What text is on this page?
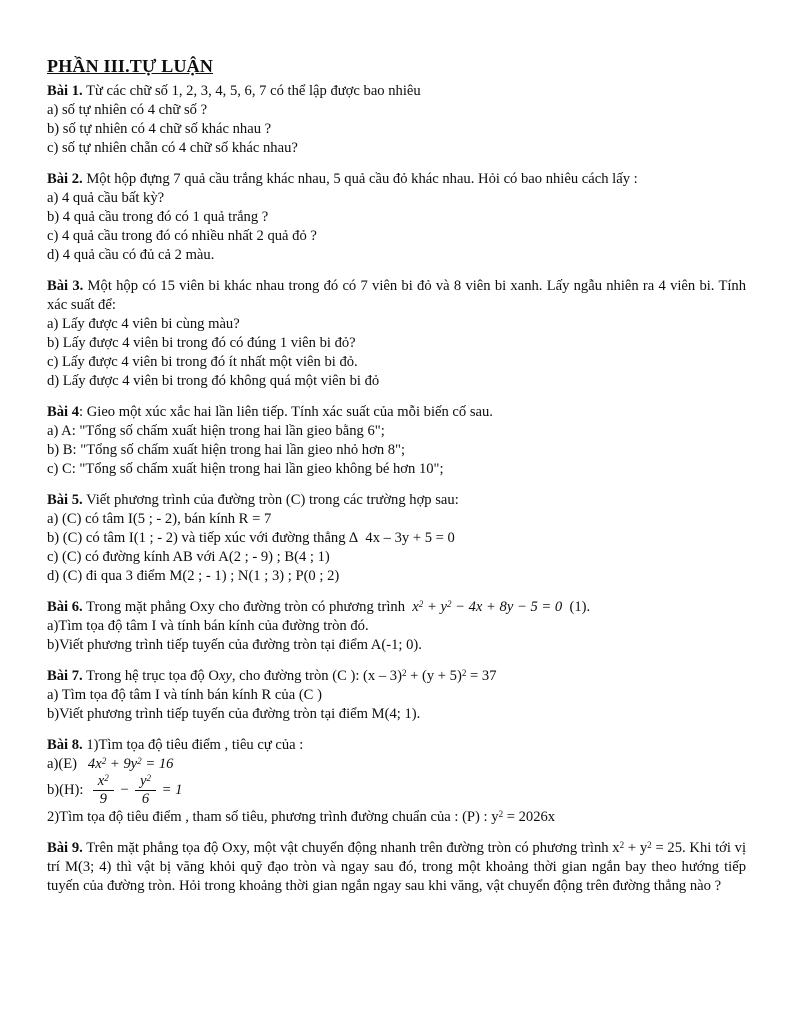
PHẦN III.TỰ LUẬN

Bài 1. Từ các chữ số 1, 2, 3, 4, 5, 6, 7 có thể lập được bao nhiêu

a) số tự nhiên có 4 chữ số ?

b) số tự nhiên có 4 chữ số khác nhau ?

c) số tự nhiên chẵn có 4 chữ số khác nhau?

Bài 2. Một hộp đựng 7 quả cầu trắng khác nhau, 5 quả cầu đỏ khác nhau. Hỏi có bao nhiêu cách lấy :

a) 4 quả cầu bất kỳ?

b) 4 quả cầu trong đó có 1 quả trắng ?

c) 4 quả cầu trong đó có nhiều nhất 2 quả đỏ ?

d) 4 quả cầu có đủ cả 2 màu.

Bài 3. Một hộp có 15 viên bi khác nhau trong đó có 7 viên bi đỏ và 8 viên bi xanh. Lấy ngẫu nhiên ra 4 viên bi. Tính xác suất để:

a) Lấy được 4 viên bi cùng màu?

b) Lấy được 4 viên bi trong đó có đúng 1 viên bi đỏ?

c) Lấy được 4 viên bi trong đó ít nhất một viên bi đỏ.

d) Lấy được 4 viên bi trong đó không quá một viên bi đỏ

Bài 4: Gieo một xúc xắc hai lần liên tiếp. Tính xác suất của mỗi biến cố sau.

a) A: "Tổng số chấm xuất hiện trong hai lần gieo bằng 6";

b) B: "Tổng số chấm xuất hiện trong hai lần gieo nhỏ hơn 8";

c) C: "Tổng số chấm xuất hiện trong hai lần gieo không bé hơn 10";

Bài 5. Viết phương trình của đường tròn (C) trong các trường hợp sau:

a) (C) có tâm I(5 ; - 2), bán kính R = 7

b) (C) có tâm I(1 ; - 2) và tiếp xúc với đường thẳng ∆  4x – 3y + 5 = 0

c) (C) có đường kính AB với A(2 ; - 9) ; B(4 ; 1)

d) (C) đi qua 3 điểm M(2 ; - 1) ; N(1 ; 3) ; P(0 ; 2)

Bài 6. Trong mặt phẳng Oxy cho đường tròn có phương trình  $x^2 + y^2 - 4x + 8y - 5 = 0$  (1).

a)Tìm tọa độ tâm I và tính bán kính của đường tròn đó.

b)Viết phương trình tiếp tuyến của đường tròn tại điểm A(-1; 0).

Bài 7. Trong hệ trục tọa độ Oxy, cho đường tròn (C ): $(x - 3)^2 + (y + 5)^2 = 37$

a) Tìm tọa độ tâm I và tính bán kính R của (C )

b)Viết phương trình tiếp tuyến của đường tròn tại điểm M(4; 1).

Bài 8. 1)Tìm tọa độ tiêu điểm , tiêu cự của :

a)(E)   $4x^2 + 9y^2 = 16$

b)(H): $\frac{x^2}{9} - \frac{y^2}{6} = 1$

2)Tìm tọa độ tiêu điểm , tham số tiêu, phương trình đường chuẩn của : (P) : $y^2 = 2026x$

Bài 9. Trên mặt phẳng tọa độ Oxy, một vật chuyển động nhanh trên đường tròn có phương trình $x^2 + y^2 = 25$. Khi tới vị trí M(3; 4) thì vật bị văng khỏi quỹ đạo tròn và ngay sau đó, trong một khoảng thời gian ngắn bay theo hướng tiếp tuyến của đường tròn. Hỏi trong khoảng thời gian ngắn ngay sau khi văng, vật chuyển động trên đường thẳng nào ?
